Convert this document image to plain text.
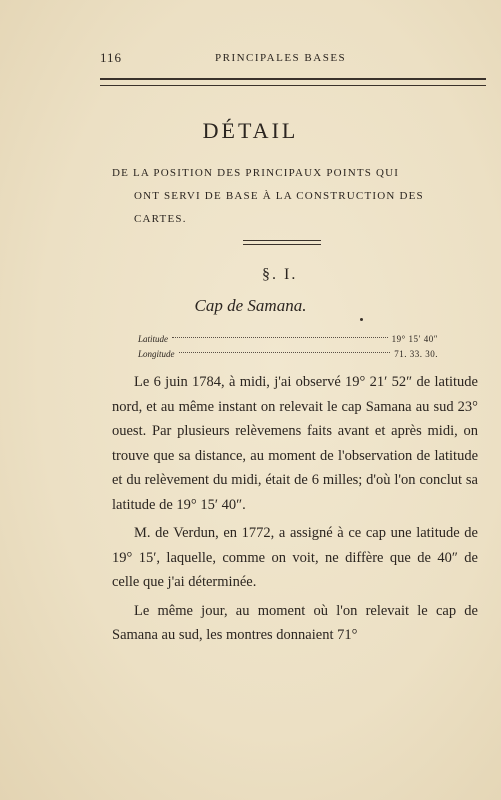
116	PRINCIPALES BASES
DÉTAIL
DE LA POSITION DES PRINCIPAUX POINTS QUI
ONT SERVI DE BASE À LA CONSTRUCTION DES
CARTES.
§. I.
Cap de Samana.
Latitude	19° 15′ 40″
Longitude	71. 33. 30.

Le 6 juin 1784, à midi, j'ai observé 19° 21′ 52″ de latitude nord, et au même instant on relevait le cap Samana au sud 23° ouest. Par plusieurs relèvemens faits avant et après midi, on trouve que sa distance, au moment de l'observation de latitude et du relèvement du midi, était de 6 milles; d'où l'on conclut sa latitude de 19° 15′ 40″.

M. de Verdun, en 1772, a assigné à ce cap une latitude de 19° 15′, laquelle, comme on voit, ne diffère que de 40″ de celle que j'ai déterminée.

Le même jour, au moment où l'on relevait le cap de Samana au sud, les montres donnaient 71°
